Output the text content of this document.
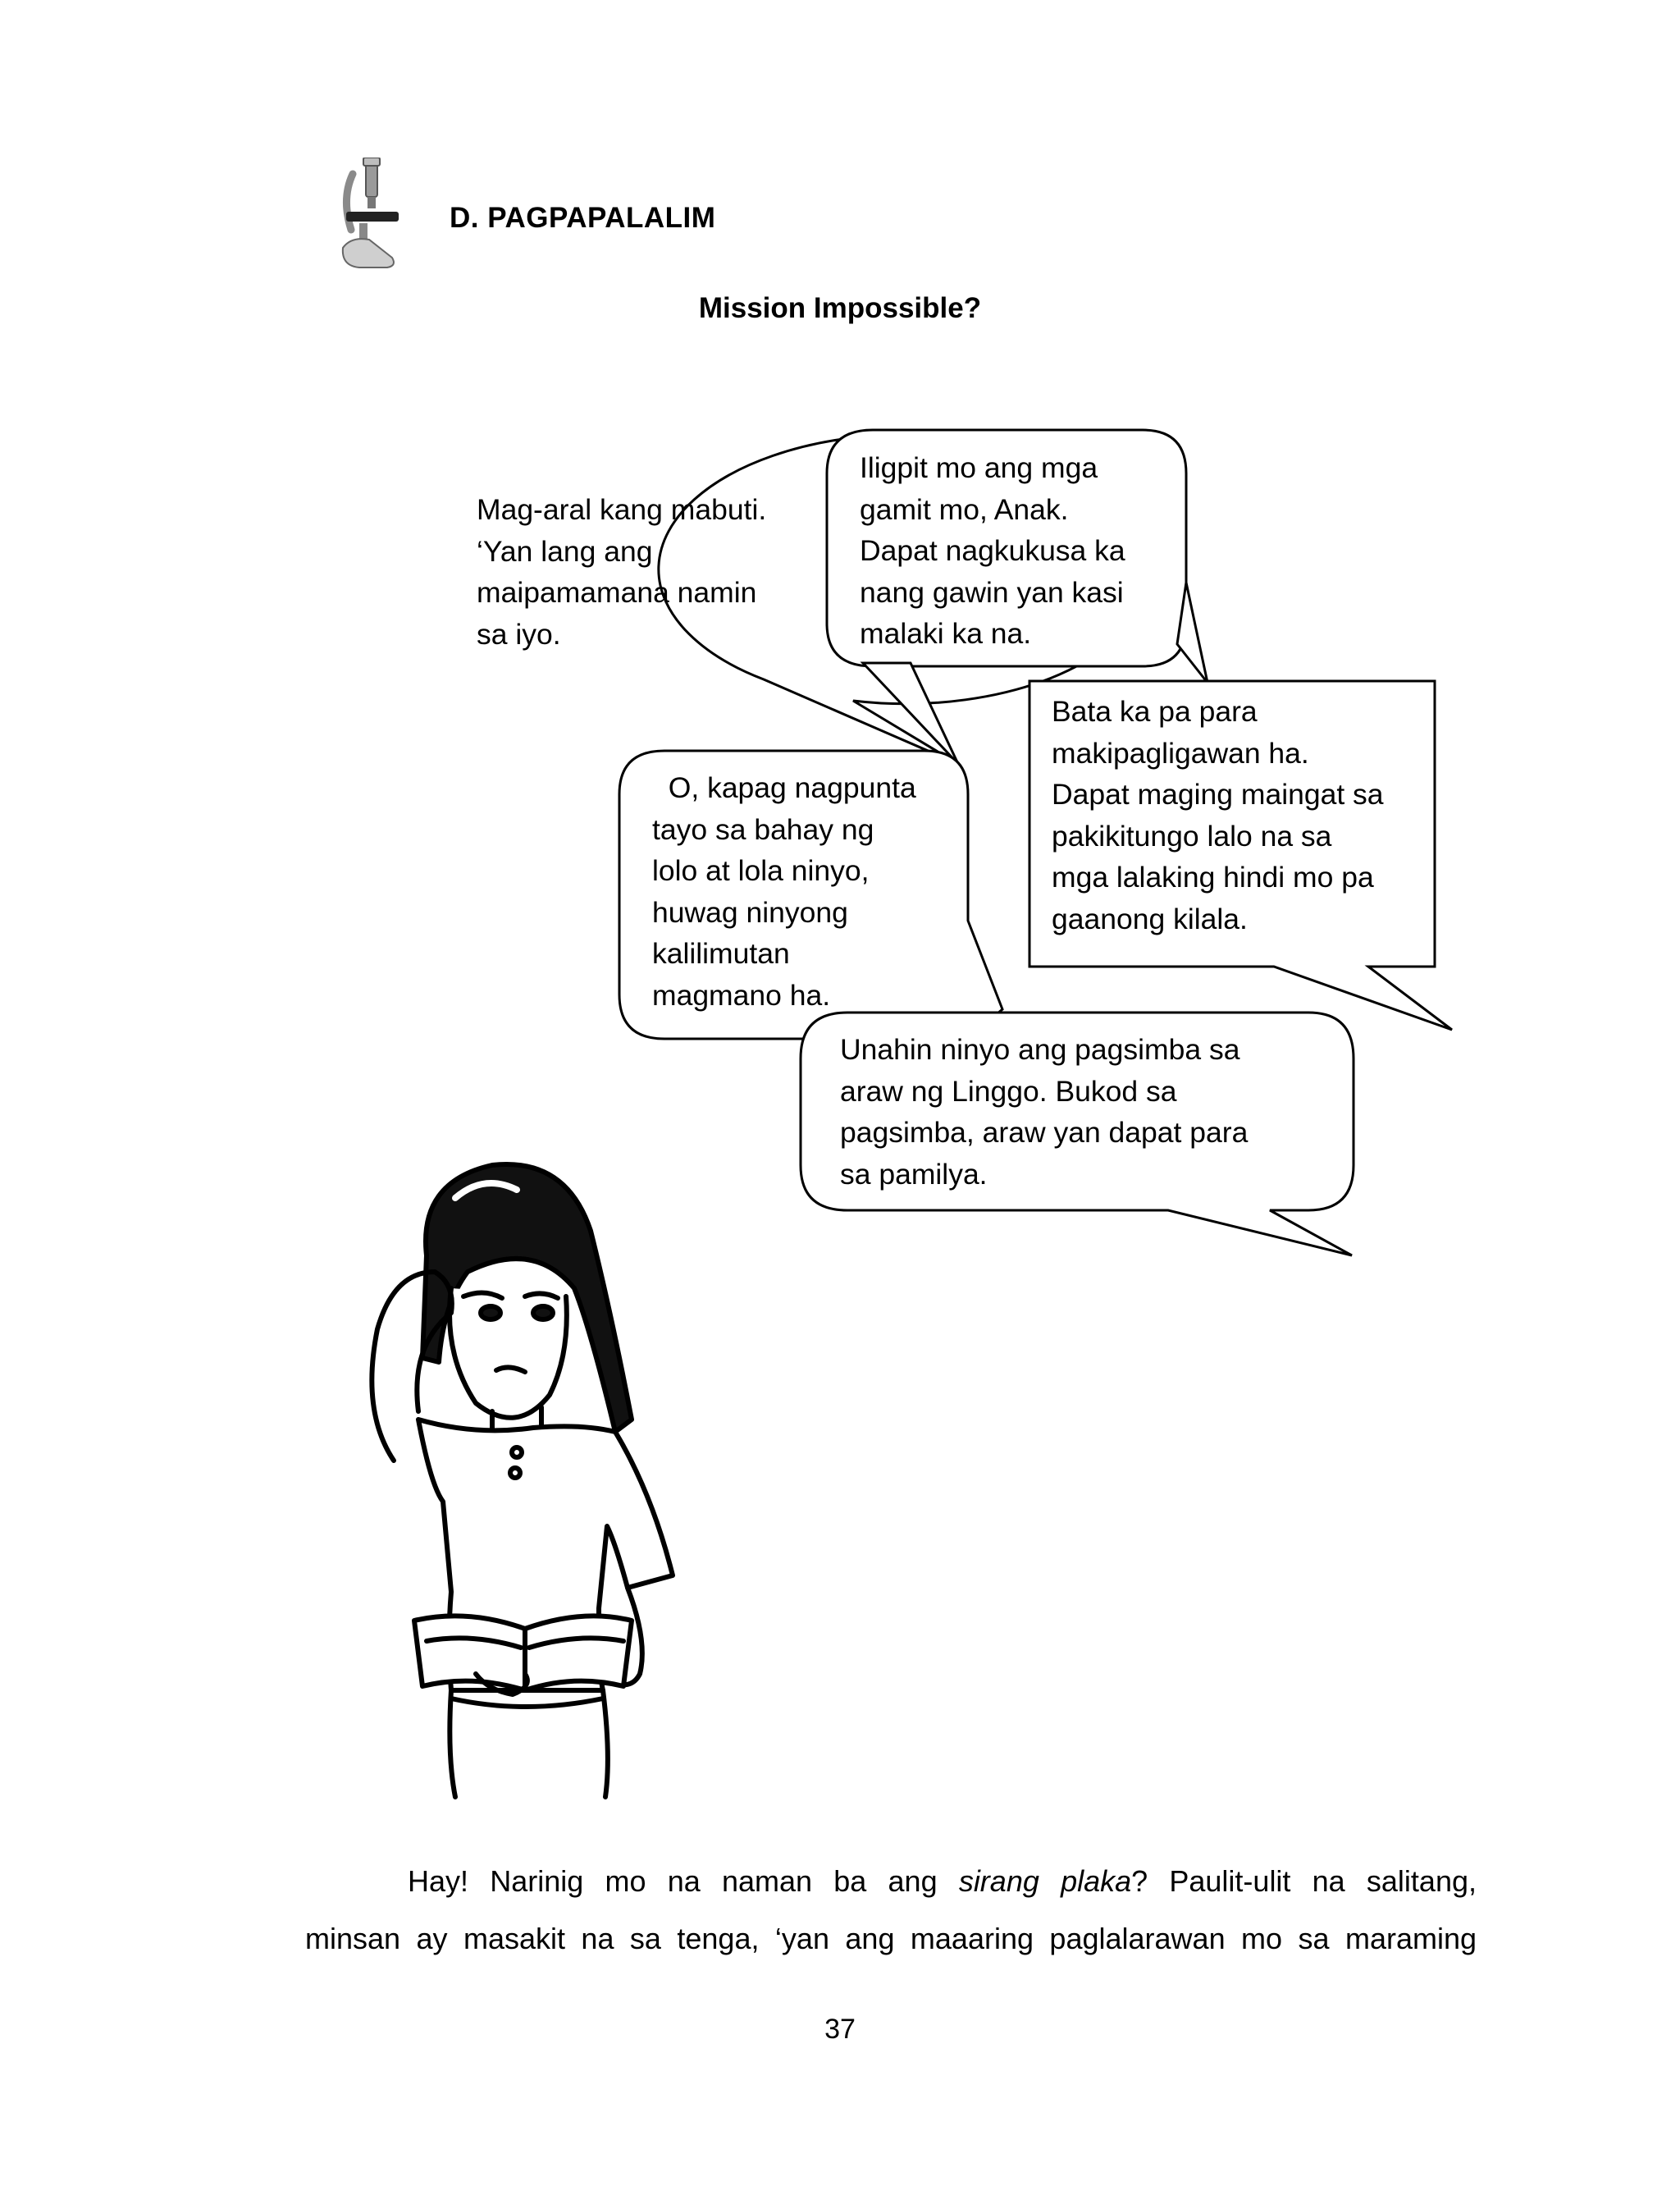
D. PAGPAPALALIM
Mission Impossible?
Mag-aral kang mabuti.
‘Yan lang ang
maipamamana namin
sa iyo.
Iligpit mo ang mga
gamit mo, Anak.
Dapat nagkukusa ka
nang gawin yan kasi
malaki ka na.
Bata ka pa para
makipagligawan ha.
Dapat maging maingat sa
pakikitungo lalo na sa
mga lalaking hindi mo pa
gaanong kilala.
O, kapag nagpunta
tayo sa bahay ng
lolo at lola ninyo,
huwag ninyong
kalilimutan
magmano ha.
Unahin ninyo ang pagsimba sa
araw ng Linggo. Bukod sa
pagsimba, araw yan dapat para
sa pamilya.
Hay! Narinig mo na naman ba ang sirang plaka? Paulit-ulit na salitang,
minsan ay masakit na sa tenga, ‘yan ang maaaring paglalarawan mo sa maraming
37
